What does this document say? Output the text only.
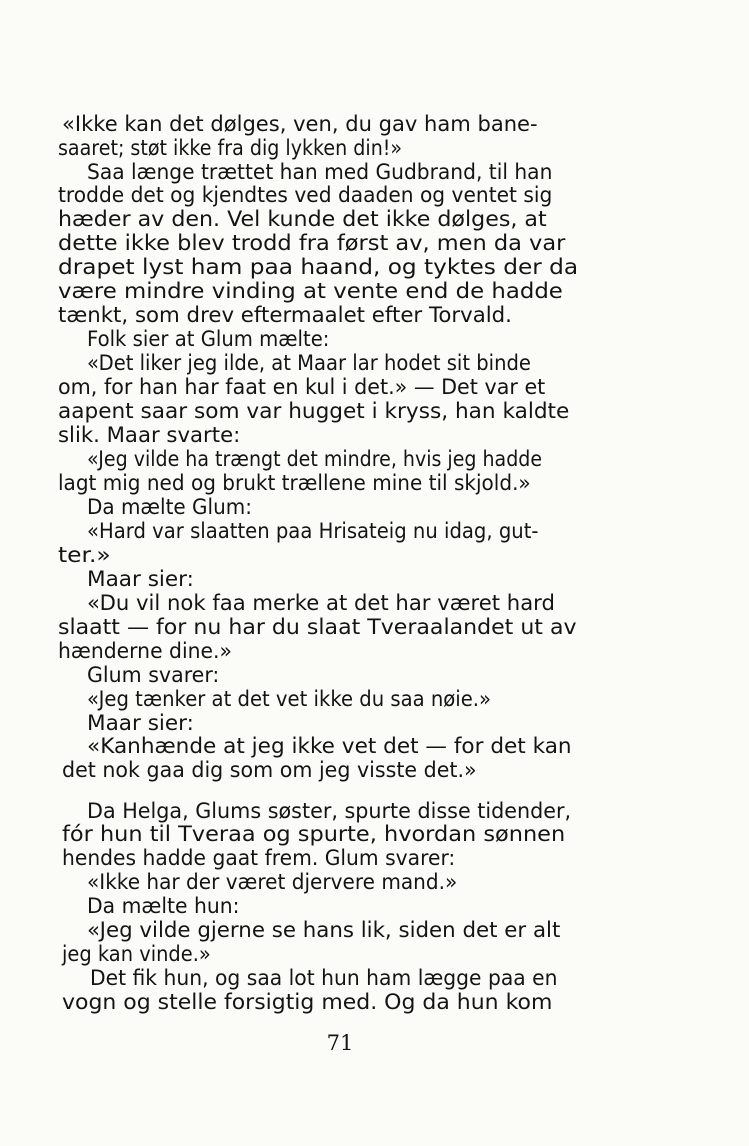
«Ikke kan det dølges, ven, du gav ham bane-
saaret; støt ikke fra dig lykken din!»
Saa længe trættet han med Gudbrand, til han
trodde det og kjendtes ved daaden og ventet sig
hæder av den. Vel kunde det ikke dølges, at
dette ikke blev trodd fra først av, men da var
drapet lyst ham paa haand, og tyktes der da
være mindre vinding at vente end de hadde
tænkt, som drev eftermaalet efter Torvald.
Folk sier at Glum mælte:
«Det liker jeg ilde, at Maar lar hodet sit binde
om, for han har faat en kul i det.» — Det var et
aapent saar som var hugget i kryss, han kaldte
slik. Maar svarte:
«Jeg vilde ha trængt det mindre, hvis jeg hadde
lagt mig ned og brukt trællene mine til skjold.»
Da mælte Glum:
«Hard var slaatten paa Hrisateig nu idag, gut-
ter.»
Maar sier:
«Du vil nok faa merke at det har været hard
slaatt — for nu har du slaat Tveraalandet ut av
hænderne dine.»
Glum svarer:
«Jeg tænker at det vet ikke du saa nøie.»
Maar sier:
«Kanhænde at jeg ikke vet det — for det kan
det nok gaa dig som om jeg visste det.»
Da Helga, Glums søster, spurte disse tidender,
fór hun til Tveraa og spurte, hvordan sønnen
hendes hadde gaat frem. Glum svarer:
«Ikke har der været djervere mand.»
Da mælte hun:
«Jeg vilde gjerne se hans lik, siden det er alt
jeg kan vinde.»
Det fik hun, og saa lot hun ham lægge paa en
vogn og stelle forsigtig med. Og da hun kom
71
